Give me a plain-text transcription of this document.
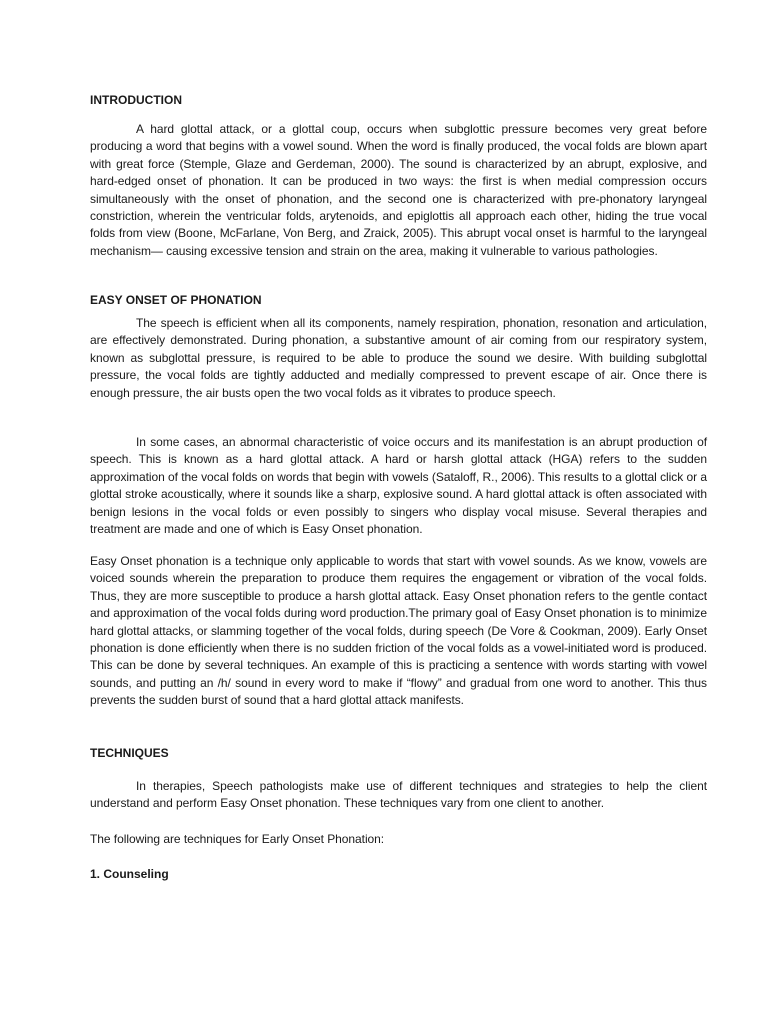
INTRODUCTION

A hard glottal attack, or a glottal coup, occurs when subglottic pressure becomes very great before producing a word that begins with a vowel sound. When the word is finally produced, the vocal folds are blown apart with great force (Stemple, Glaze and Gerdeman, 2000). The sound is characterized by an abrupt, explosive, and hard-edged onset of phonation. It can be produced in two ways: the first is when medial compression occurs simultaneously with the onset of phonation, and the second one is characterized with pre-phonatory laryngeal constriction, wherein the ventricular folds, arytenoids, and epiglottis all approach each other, hiding the true vocal folds from view (Boone, McFarlane, Von Berg, and Zraick, 2005). This abrupt vocal onset is harmful to the laryngeal mechanism— causing excessive tension and strain on the area, making it vulnerable to various pathologies.

EASY ONSET OF PHONATION

The speech is efficient when all its components, namely respiration, phonation, resonation and articulation, are effectively demonstrated. During phonation, a substantive amount of air coming from our respiratory system, known as subglottal pressure, is required to be able to produce the sound we desire. With building subglottal pressure, the vocal folds are tightly adducted and medially compressed to prevent escape of air. Once there is enough pressure, the air busts open the two vocal folds as it vibrates to produce speech.

In some cases, an abnormal characteristic of voice occurs and its manifestation is an abrupt production of speech. This is known as a hard glottal attack. A hard or harsh glottal attack (HGA) refers to the sudden approximation of the vocal folds on words that begin with vowels (Sataloff, R., 2006). This results to a glottal click or a glottal stroke acoustically, where it sounds like a sharp, explosive sound. A hard glottal attack is often associated with benign lesions in the vocal folds or even possibly to singers who display vocal misuse. Several therapies and treatment are made and one of which is Easy Onset phonation.

Easy Onset phonation is a technique only applicable to words that start with vowel sounds. As we know, vowels are voiced sounds wherein the preparation to produce them requires the engagement or vibration of the vocal folds. Thus, they are more susceptible to produce a harsh glottal attack. Easy Onset phonation refers to the gentle contact and approximation of the vocal folds during word production.The primary goal of Easy Onset phonation is to minimize hard glottal attacks, or slamming together of the vocal folds, during speech (De Vore & Cookman, 2009). Early Onset phonation is done efficiently when there is no sudden friction of the vocal folds as a vowel-initiated word is produced. This can be done by several techniques. An example of this is practicing a sentence with words starting with vowel sounds, and putting an /h/ sound in every word to make if “flowy” and gradual from one word to another. This thus prevents the sudden burst of sound that a hard glottal attack manifests.

TECHNIQUES

In therapies, Speech pathologists make use of different techniques and strategies to help the client understand and perform Easy Onset phonation. These techniques vary from one client to another.

The following are techniques for Early Onset Phonation:

1. Counseling
